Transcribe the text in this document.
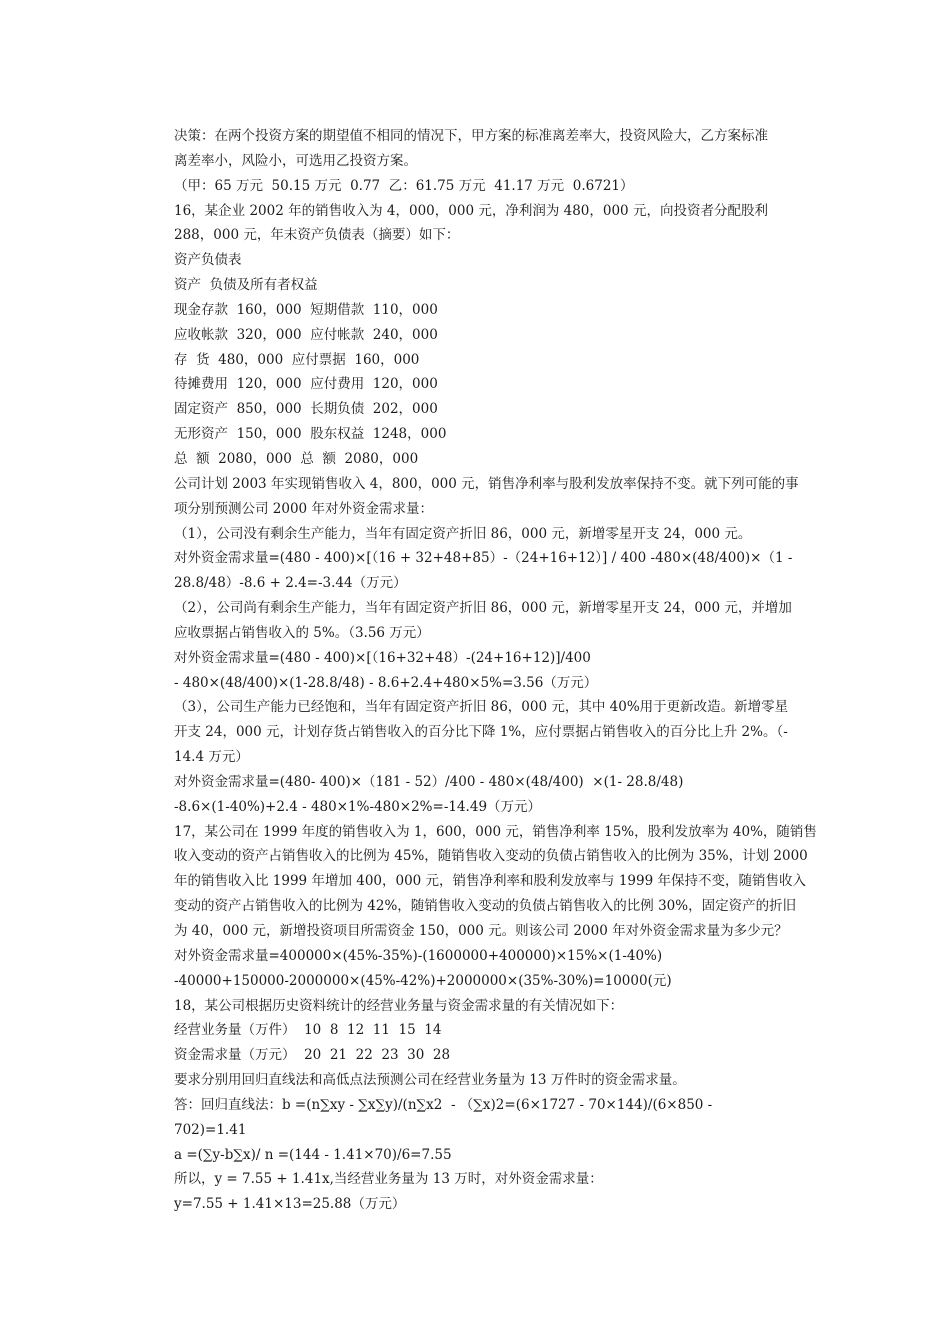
决策：在两个投资方案的期望值不相同的情况下，甲方案的标准离差率大，投资风险大，乙方案标准
离差率小，风险小，可选用乙投资方案。
（甲：65 万元  50.15 万元  0.77  乙：61.75 万元  41.17 万元  0.6721）
16，某企业 2002 年的销售收入为 4，000，000 元，净利润为 480，000 元，向投资者分配股利
288，000 元，年末资产负债表（摘要）如下：
资产负债表
资产  负债及所有者权益
现金存款  160，000  短期借款  110，000
应收帐款  320，000  应付帐款  240，000
存  货  480，000  应付票据  160，000
待摊费用  120，000  应付费用  120，000
固定资产  850，000  长期负债  202，000
无形资产  150，000  股东权益  1248，000
总  额  2080，000  总  额  2080，000
公司计划 2003 年实现销售收入 4，800，000 元，销售净利率与股利发放率保持不变。就下列可能的事
项分别预测公司 2000 年对外资金需求量：
（1），公司没有剩余生产能力，当年有固定资产折旧 86，000 元，新增零星开支 24，000 元。
对外资金需求量=(480 - 400)×[（16 + 32+48+85）-（24+16+12）] / 400 -480×(48/400)×（1 -
28.8/48）-8.6 + 2.4=-3.44（万元）
（2），公司尚有剩余生产能力，当年有固定资产折旧 86，000 元，新增零星开支 24，000 元，并增加
应收票据占销售收入的 5%。（3.56 万元）
对外资金需求量=(480 - 400)×[（16+32+48）-(24+16+12)]/400
- 480×(48/400)×(1-28.8/48) - 8.6+2.4+480×5%=3.56（万元）
（3），公司生产能力已经饱和，当年有固定资产折旧 86，000 元，其中 40%用于更新改造。新增零星
开支 24，000 元，计划存货占销售收入的百分比下降 1%，应付票据占销售收入的百分比上升 2%。（-
14.4 万元）
对外资金需求量=(480- 400)×（181 - 52）/400 - 480×(48/400)  ×(1- 28.8/48)
-8.6×(1-40%)+2.4 - 480×1%-480×2%=-14.49（万元）
17，某公司在 1999 年度的销售收入为 1，600，000 元，销售净利率 15%，股利发放率为 40%，随销售
收入变动的资产占销售收入的比例为 45%，随销售收入变动的负债占销售收入的比例为 35%，计划 2000
年的销售收入比 1999 年增加 400，000 元，销售净利率和股利发放率与 1999 年保持不变，随销售收入
变动的资产占销售收入的比例为 42%，随销售收入变动的负债占销售收入的比例 30%，固定资产的折旧
为 40，000 元，新增投资项目所需资金 150，000 元。则该公司 2000 年对外资金需求量为多少元？
对外资金需求量=400000×(45%-35%)-(1600000+400000)×15%×(1-40%)
-40000+150000-2000000×(45%-42%)+2000000×(35%-30%)=10000(元)
18，某公司根据历史资料统计的经营业务量与资金需求量的有关情况如下：
经营业务量（万件）  10  8  12  11  15  14
资金需求量（万元）  20  21  22  23  30  28
要求分别用回归直线法和高低点法预测公司在经营业务量为 13 万件时的资金需求量。
答：回归直线法：b =(n∑xy - ∑x∑y)/(n∑x2  - （∑x)2=(6×1727 - 70×144)/(6×850 -
702)=1.41
a =(∑y-b∑x)/ n =(144 - 1.41×70)/6=7.55
所以，y = 7.55 + 1.41x,当经营业务量为 13 万时，对外资金需求量：
y=7.55 + 1.41×13=25.88（万元）
